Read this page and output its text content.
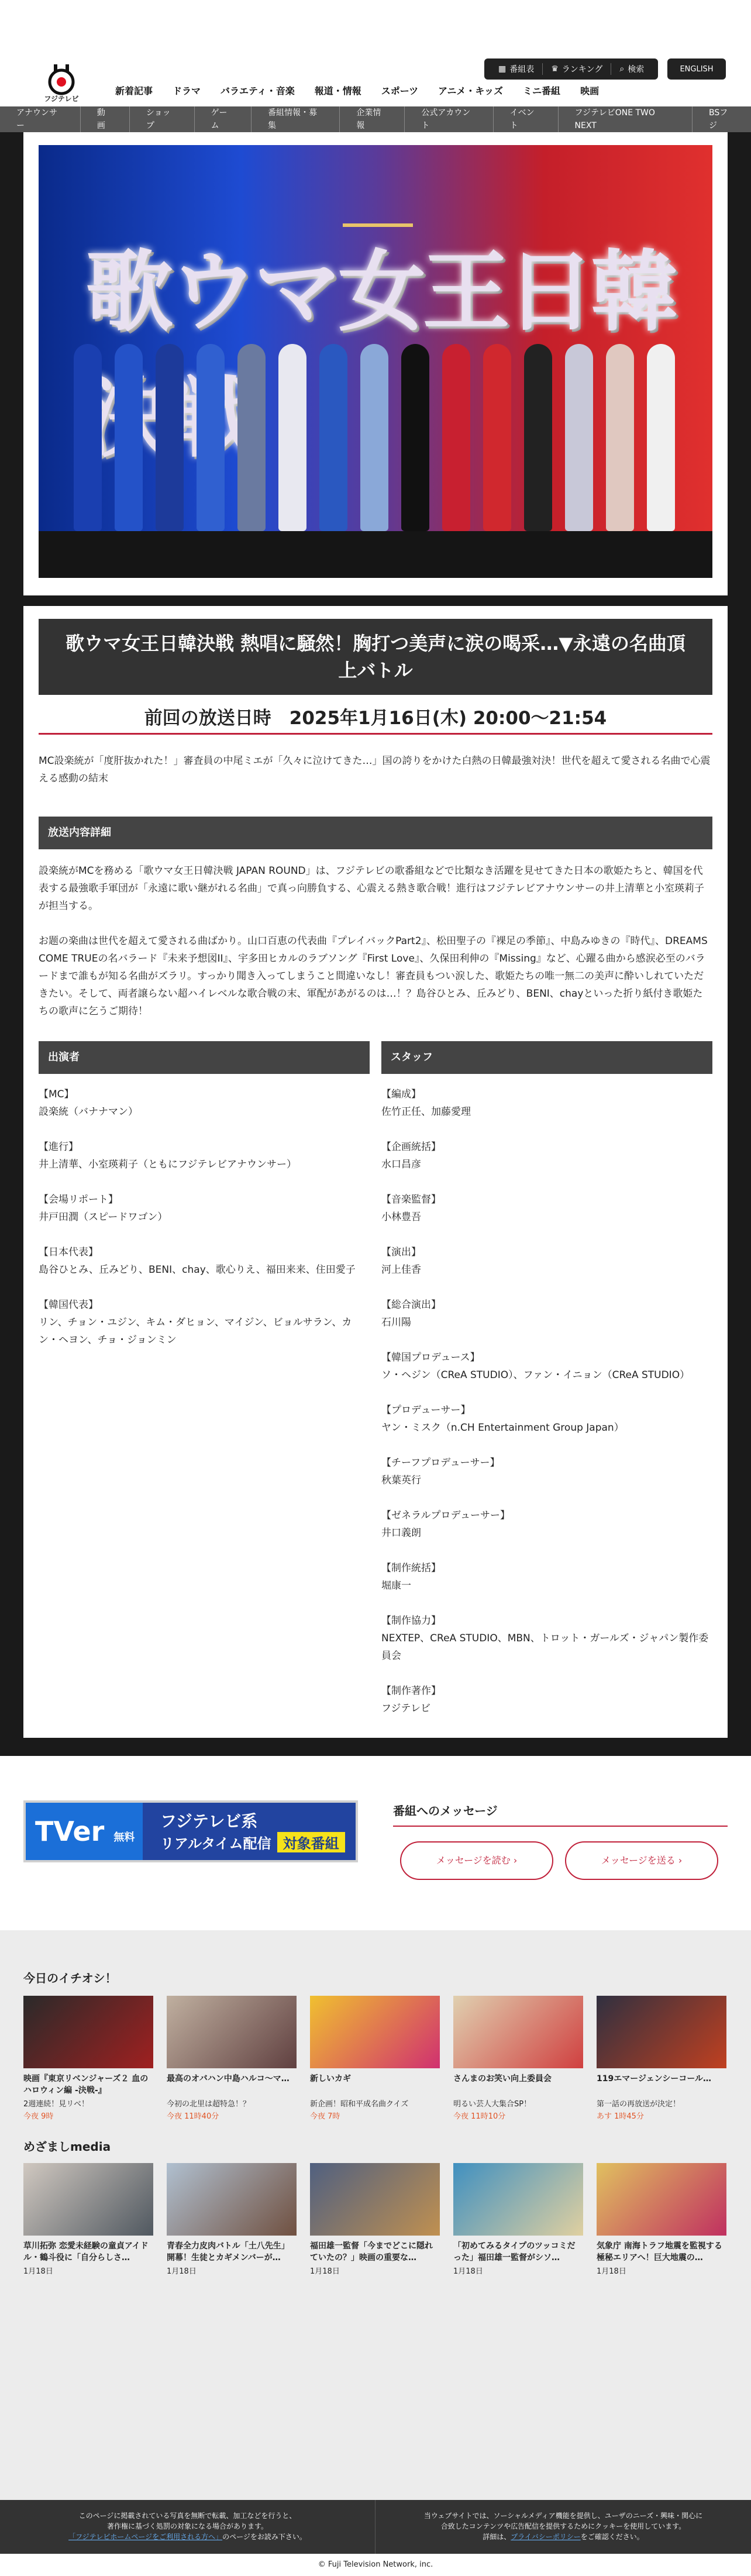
フジテレビ
▦ 番組表 ♛ ランキング ⌕ 検索	ENGLISH
新着記事	ドラマ	バラエティ・音楽	報道・情報	スポーツ	アニメ・キッズ	ミニ番組	映画
アナウンサー
動画
ショップ
ゲーム
番組情報・募集
企業情報
公式アカウント
イベント
フジテレビONE TWO NEXT
BSフジ
歌ウマ女王日韓
歌ウマ女王日韓決戦 熱唱に騒然！胸打つ美声に涙の喝采…▼永遠の名曲頂上バトル
前回の放送日時　 2025年1月16日(木) 20:00〜21:54
MC設楽統が「度肝抜かれた！」審査員の中尾ミエが「久々に泣けてきた…」国の誇りをかけた白熱の日韓最強対決！世代を超えて愛される名曲で心震える感動の結末
放送内容詳細
設楽統がMCを務める「歌ウマ女王日韓決戦 JAPAN ROUND」は、フジテレビの歌番組などで比類なき活躍を見せてきた日本の歌姫たちと、韓国を代表する最強歌手軍団が「永遠に歌い継がれる名曲」で真っ向勝負する、心震える熱き歌合戦！進行はフジテレビアナウンサーの井上清華と小室瑛莉子が担当する。
お题の楽曲は世代を超えて愛される曲ばかり。山口百恵の代表曲『プレイバックPart2』、松田聖子の『裸足の季節』、中島みゆきの『時代』、DREAMS COME TRUEの名バラード『未来予想図II』、宇多田ヒカルのラブソング『First Love』、久保田利伸の『Missing』など、心躍る曲から感涙必至のバラードまで誰もが知る名曲がズラリ。すっかり聞き入ってしまうこと間違いなし！審査員もつい涙した、歌姫たちの唯一無二の美声に酔いしれていただきたい。そして、両者譲らない超ハイレベルな歌合戦の末、軍配があがるのは…！？島谷ひとみ、丘みどり、BENI、chayといった折り紙付き歌姫たちの歌声に乞うご期待！
出演者	スタッフ
【MC】
設楽統（バナナマン）
【進行】
井上清華、小室瑛莉子（ともにフジテレビアナウンサー）
【会場リポート】
井戸田潤（スピードワゴン）
【日本代表】
島谷ひとみ、丘みどり、BENI、chay、歌心りえ、福田来来、住田愛子
【韓国代表】
リン、チョン・ユジン、キム・ダヒョン、マイジン、ビョルサラン、カン・ヘヨン、チョ・ジョンミン
【編成】
佐竹正任、加藤愛理
【企画統括】
水口昌彦
【音楽監督】
小林豊吾
【演出】
河上佳香
【総合演出】
石川陽
【韓国プロデュース】
ソ・ヘジン（CReA STUDIO）、ファン・イニョン（CReA STUDIO）
【プロデューサー】
ヤン・ミスク（n.CH Entertainment Group Japan）
【チーフプロデューサー】
秋葉英行
【ゼネラルプロデューサー】
井口義朗
【制作統括】
堀康一
【制作協力】
NEXTEP、CReA STUDIO、MBN、トロット・ガールズ・ジャパン製作委員会
【制作著作】
フジテレビ
TVer 無料
フジテレビ系
リアルタイム配信 対象番組
番組へのメッセージ
メッセージを読む ›	メッセージを送る ›
今日のイチオシ！
映画『東京リベンジャーズ２ 血のハロウィン編 -決戦-』
2週連続！見リベ！
今夜 9時
最高のオバハン中島ハルコ〜マ…
今初の北里は超特急！？
今夜 11時40分
新しいカギ
新企画！昭和平成名曲クイズ
今夜 7時
さんまのお笑い向上委員会
明るい芸人大集合SP！
今夜 11時10分
119エマージェンシーコール…
第一話の再放送が決定！
あす 1時45分
めざましmedia
草川拓弥 恋愛未経験の童貞アイドル・鶴斗役に「自分らしさ…
1月18日
青春全力皮肉バトル「土八先生」開幕！生徒とカギメンバーが…
1月18日
福田雄一監督「今までどこに隠れていたの？」映画の重要な…
1月18日
「初めてみるタイプのツッコミだった」福田雄一監督がシソ…
1月18日
気象庁 南海トラフ地震を監視する極秘エリアへ！巨大地震の…
1月18日
このページに掲載されている写真を無断で転載、加工などを行うと、
著作権に基づく処罰の対象になる場合があります。
「フジテレビホームページをご利用される方へ」のページをお読み下さい。
当ウェブサイトでは、ソーシャルメディア機能を提供し、ユーザのニーズ・興味・関心に
合致したコンテンツや広告配信を提供するためにクッキーを使用しています。
詳細は、プライバシーポリシーをご確認ください。
© Fuji Television Network, inc.
